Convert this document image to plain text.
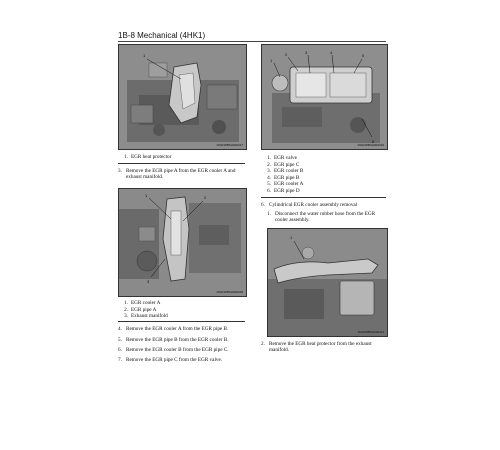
1B-8 Mechanical (4HK1)
1
RAW18BSH000017
1. EGR heat protector
3. Remove the EGR pipe A from the EGR cooler A and
exhaust manifold.
1	2
3
RAW18BSH000018
1. EGR cooler A
2. EGR pipe A
3. Exhaust manifold
4. Remove the EGR cooler A from the EGR pipe B.
5. Remove the EGR pipe B from the EGR cooler B.
6. Remove the EGR cooler B from the EGR pipe C.
7. Remove the EGR pipe C from the EGR valve.
1
2	3	4
5
6
RAW18BSH000019
1. EGR valve
2. EGR pipe C
3. EGR cooler B
4. EGR pipe B
5. EGR cooler A
6. EGR pipe D
6. Cylindrical EGR cooler assembly removal
1. Disconnect the water rubber hose from the EGR
cooler assembly.
1
RAW18BSH000114
2. Remove the EGR heat protector from the exhaust
manifold.
